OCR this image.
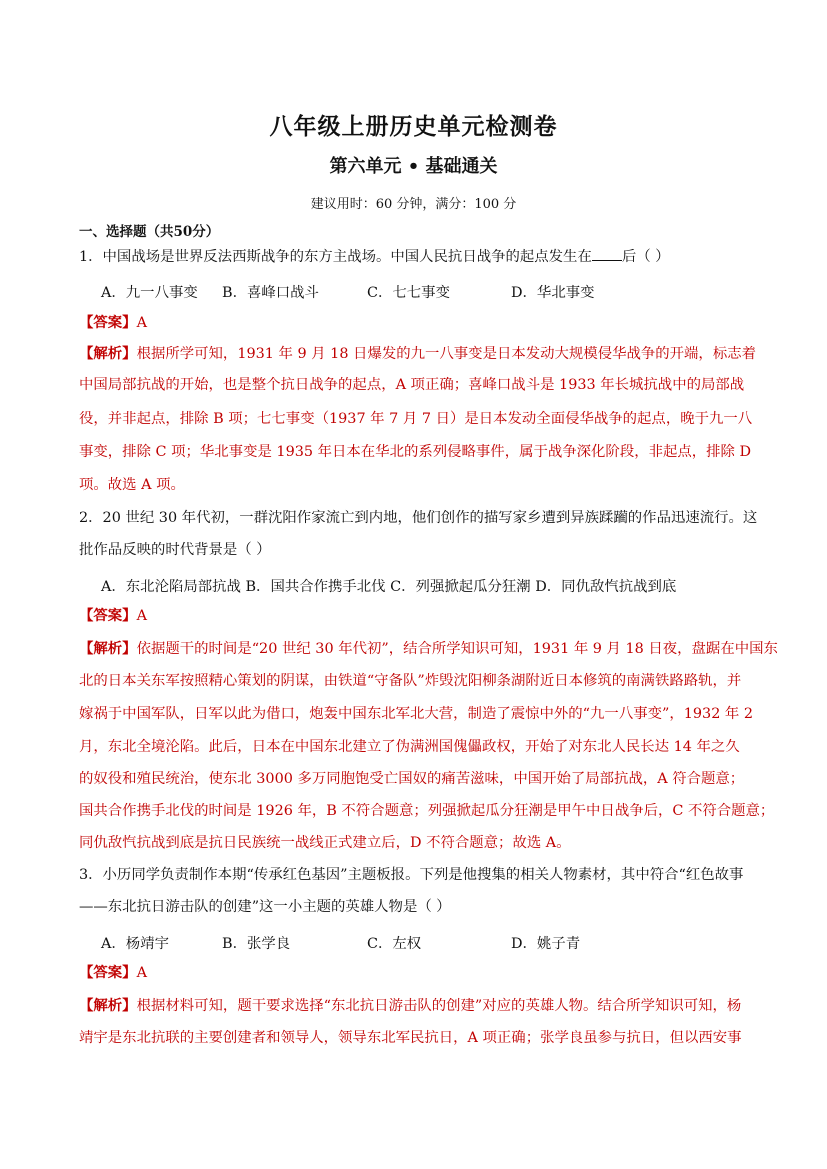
八年级上册历史单元检测卷
第六单元 • 基础通关
建议用时：60 分钟，满分：100 分
一、选择题（共50分）
1．中国战场是世界反法西斯战争的东方主战场。中国人民抗日战争的起点发生在 后（ ）
A．九一八事变 B．喜峰口战斗	C．七七事变	D．华北事变
【答案】A
【解析】根据所学可知，1931 年 9 月 18 日爆发的九一八事变是日本发动大规模侵华战争的开端，标志着
中国局部抗战的开始，也是整个抗日战争的起点，A 项正确；喜峰口战斗是 1933 年长城抗战中的局部战
役，并非起点，排除 B 项；七七事变（1937 年 7 月 7 日）是日本发动全面侵华战争的起点，晚于九一八
事变，排除 C 项；华北事变是 1935 年日本在华北的系列侵略事件，属于战争深化阶段，非起点，排除 D
项。故选 A 项。
2．20 世纪 30 年代初，一群沈阳作家流亡到内地，他们创作的描写家乡遭到异族蹂躏的作品迅速流行。这
批作品反映的时代背景是（ ）
A．东北沦陷局部抗战 B．国共合作携手北伐 C．列强掀起瓜分狂潮 D．同仇敌忾抗战到底
【答案】A
【解析】依据题干的时间是“20 世纪 30 年代初”，结合所学知识可知，1931 年 9 月 18 日夜，盘踞在中国东
北的日本关东军按照精心策划的阴谋，由铁道“守备队”炸毁沈阳柳条湖附近日本修筑的南满铁路路轨，并
嫁祸于中国军队，日军以此为借口，炮轰中国东北军北大营，制造了震惊中外的“九一八事变”，1932 年 2
月，东北全境沦陷。此后，日本在中国东北建立了伪满洲国傀儡政权，开始了对东北人民长达 14 年之久
的奴役和殖民统治，使东北 3000 多万同胞饱受亡国奴的痛苦滋味，中国开始了局部抗战，A 符合题意；
国共合作携手北伐的时间是 1926 年，B 不符合题意；列强掀起瓜分狂潮是甲午中日战争后，C 不符合题意；
同仇敌忾抗战到底是抗日民族统一战线正式建立后，D 不符合题意；故选 A。
3．小历同学负责制作本期“传承红色基因”主题板报。下列是他搜集的相关人物素材，其中符合“红色故事
——东北抗日游击队的创建”这一小主题的英雄人物是（ ）
A．杨靖宇	B．张学良	C．左权	D．姚子青
【答案】A
【解析】根据材料可知，题干要求选择“东北抗日游击队的创建”对应的英雄人物。结合所学知识可知，杨
靖宇是东北抗联的主要创建者和领导人，领导东北军民抗日，A 项正确；张学良虽参与抗日，但以西安事
